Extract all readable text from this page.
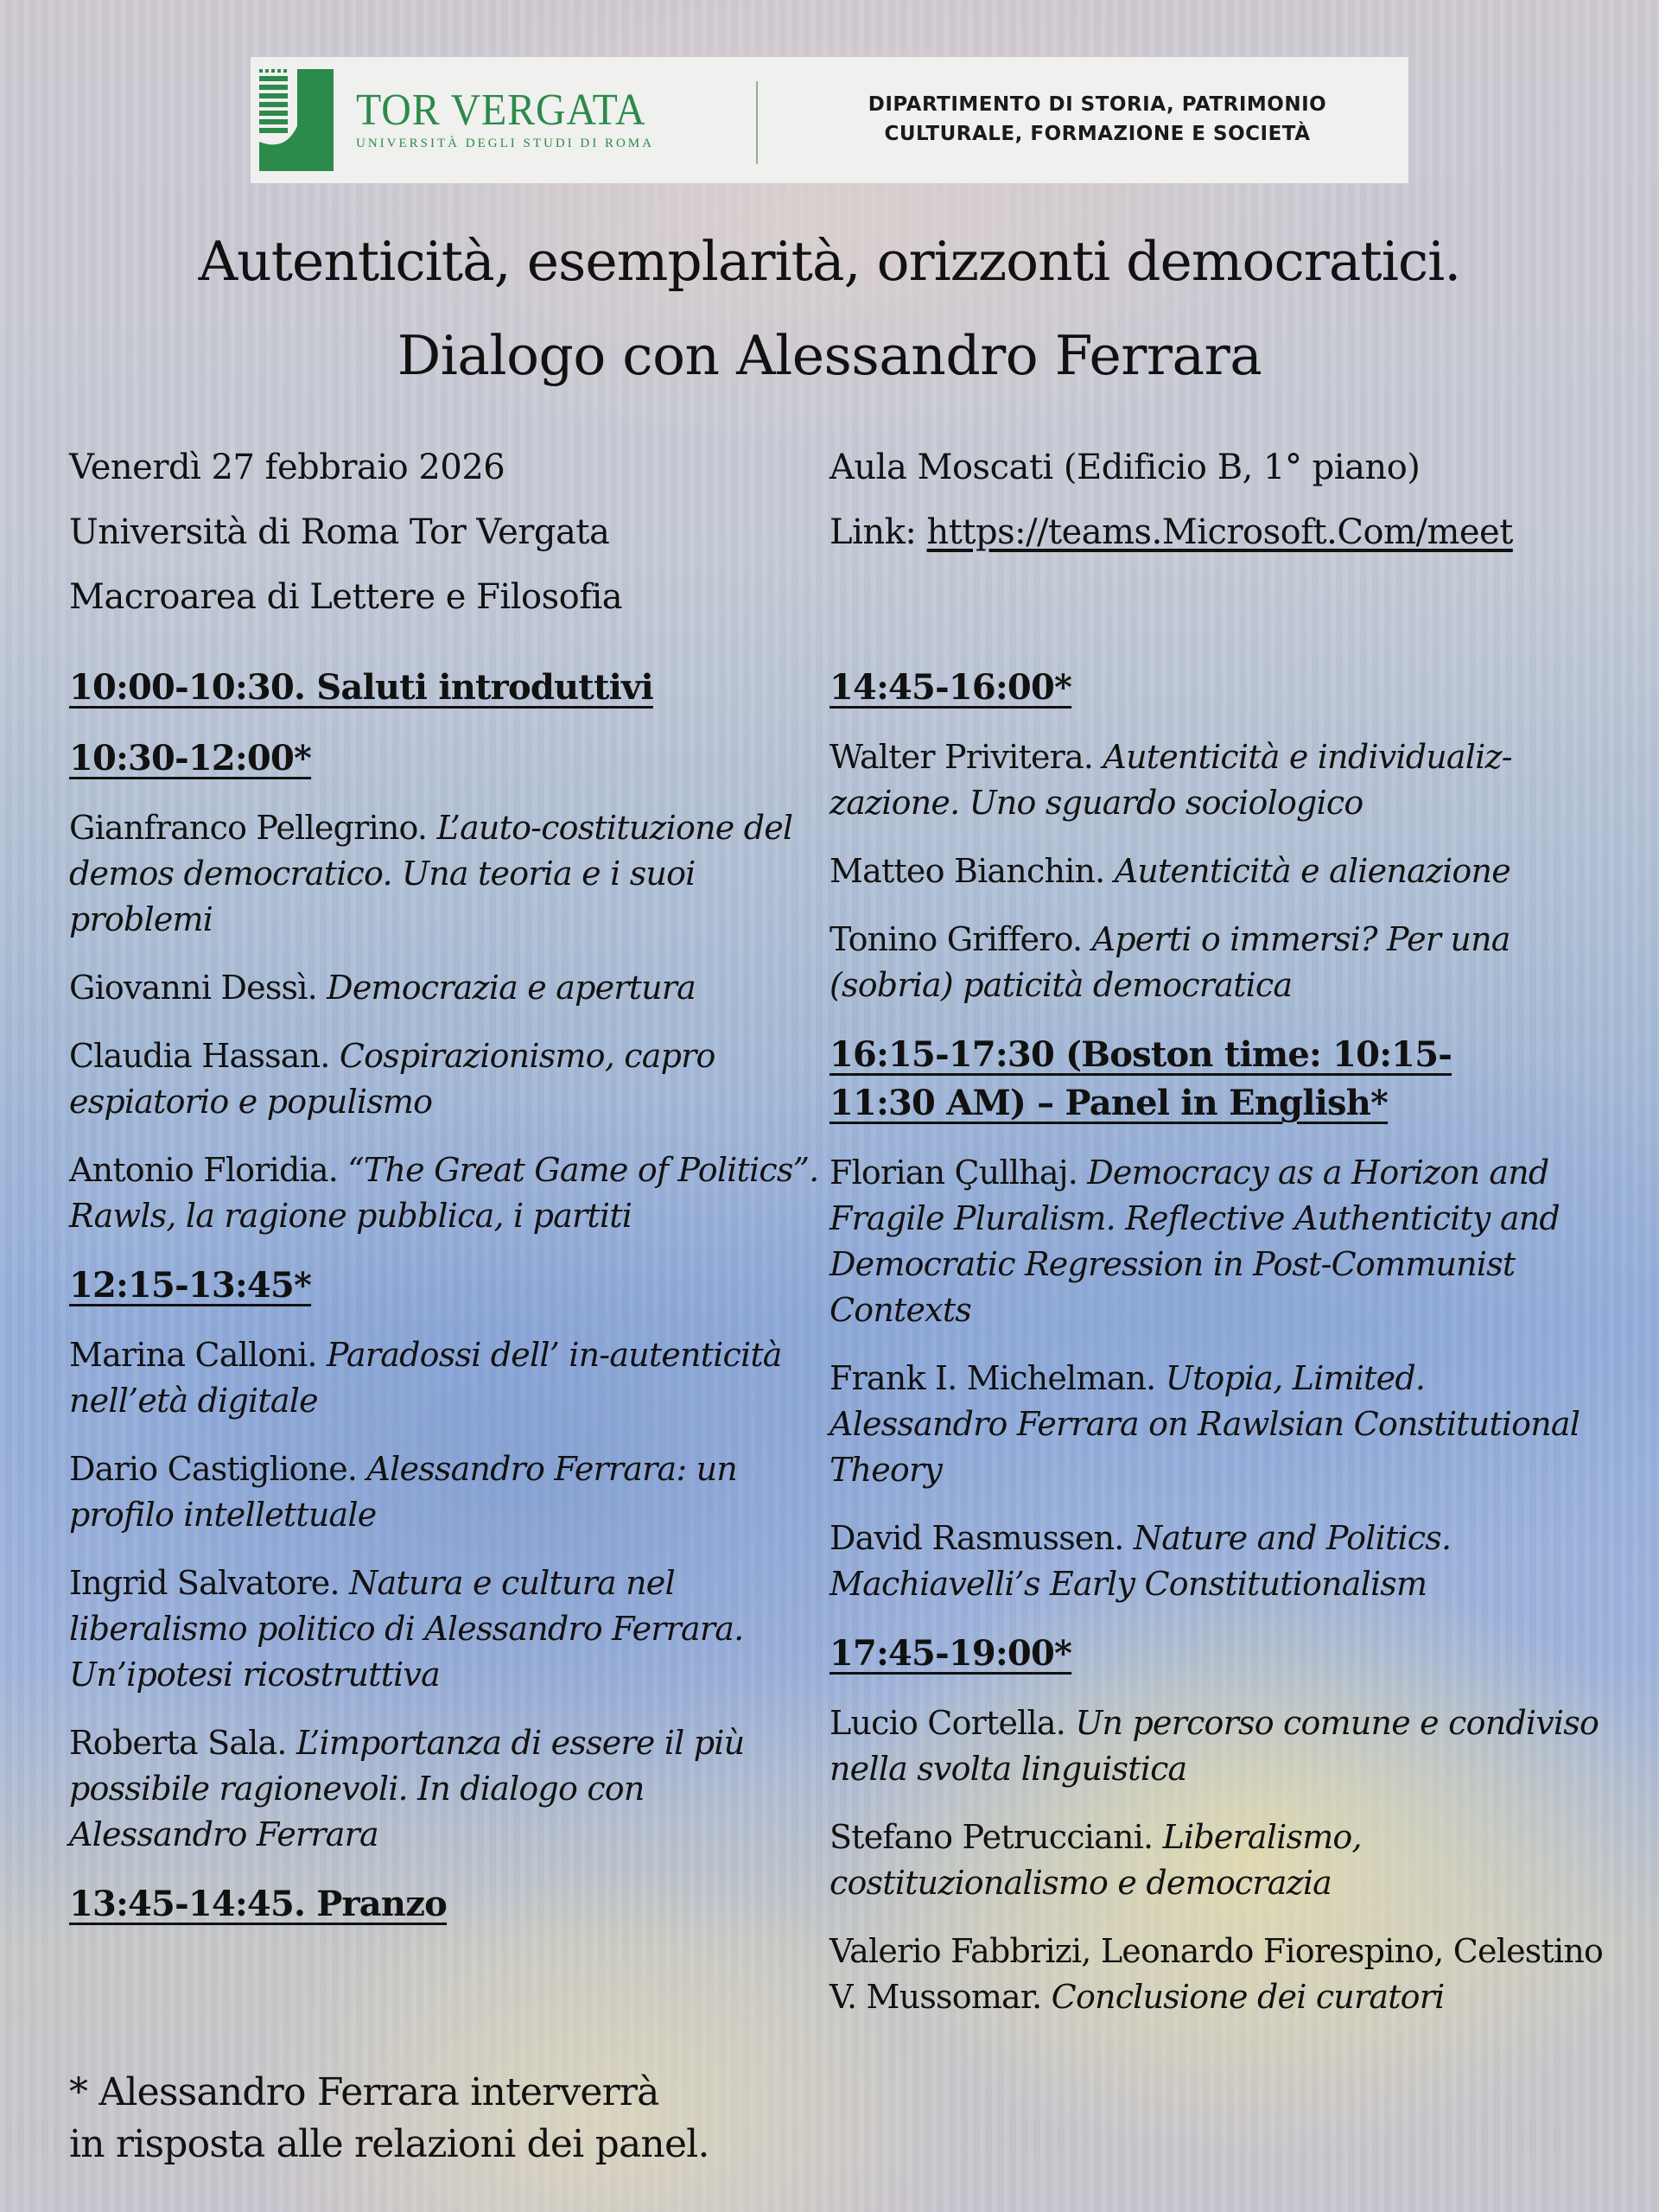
TOR VERGATA
UNIVERSITÀ DEGLI STUDI DI ROMA
DIPARTIMENTO DI STORIA, PATRIMONIO
CULTURALE, FORMAZIONE E SOCIETÀ
Autenticità, esemplarità, orizzonti democratici.
Dialogo con Alessandro Ferrara
Venerdì 27 febbraio 2026
Università di Roma Tor Vergata
Macroarea di Lettere e Filosofia
Aula Moscati (Edificio B, 1° piano)
Link: https://teams.Microsoft.Com/meet
10:00-10:30. Saluti introduttivi
10:30-12:00*
Gianfranco Pellegrino. L’auto-costituzione del demos democratico. Una teoria e i suoi problemi
Giovanni Dessì. Democrazia e apertura
Claudia Hassan. Cospirazionismo, capro espiatorio e populismo
Antonio Floridia. “The Great Game of Politics”. Rawls, la ragione pubblica, i partiti
12:15-13:45*
Marina Calloni. Paradossi dell’ in-autenticità nell’età digitale
Dario Castiglione. Alessandro Ferrara: un profilo intellettuale
Ingrid Salvatore. Natura e cultura nel liberalismo politico di Alessandro Ferrara. Un’ipotesi ricostruttiva
Roberta Sala. L’importanza di essere il più possibile ragionevoli. In dialogo con Alessandro Ferrara
13:45-14:45. Pranzo
14:45-16:00*
Walter Privitera. Autenticità e individualiz-zazione. Uno sguardo sociologico
Matteo Bianchin. Autenticità e alienazione
Tonino Griffero. Aperti o immersi? Per una (sobria) paticità democratica
16:15-17:30 (Boston time: 10:15-
11:30 AM) – Panel in English*
Florian Çullhaj. Democracy as a Horizon and Fragile Pluralism. Reflective Authenticity and Democratic Regression in Post-Communist Contexts
Frank I. Michelman. Utopia, Limited. Alessandro Ferrara on Rawlsian Constitutional Theory
David Rasmussen. Nature and Politics. Machiavelli’s Early Constitutionalism
17:45-19:00*
Lucio Cortella. Un percorso comune e condiviso nella svolta linguistica
Stefano Petrucciani. Liberalismo, costituzionalismo e democrazia
Valerio Fabbrizi, Leonardo Fiorespino, Celestino V. Mussomar. Conclusione dei curatori
* Alessandro Ferrara interverrà
in risposta alle relazioni dei panel.
